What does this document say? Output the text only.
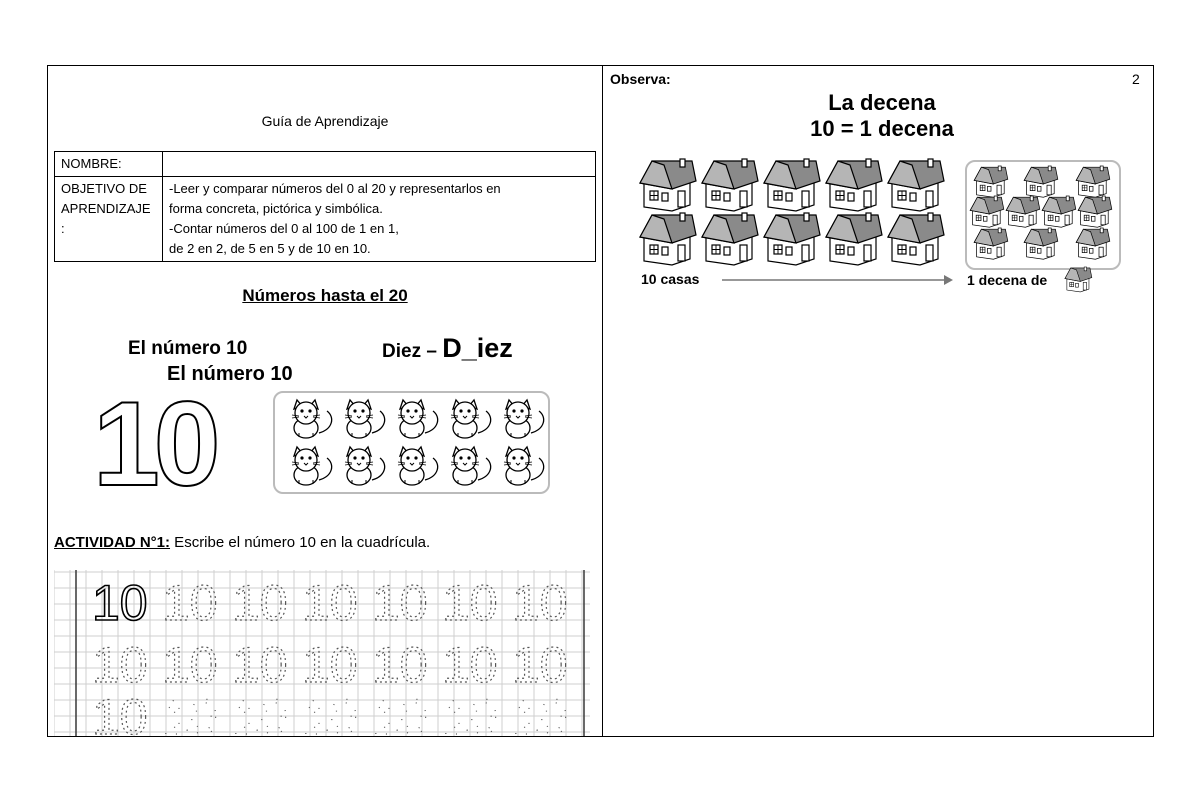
Guía de Aprendizaje
NOMBRE:	
OBJETIVO DE
APRENDIZAJE
:	-Leer y comparar números del 0 al 20 y representarlos en
forma concreta, pictórica y simbólica.
-Contar números del 0 al 100 de 1 en 1,
de 2 en 2, de 5 en 5 y de 10 en 10.
Números hasta el 20
El número 10
El número 10
Diez – D_iez
10
ACTIVIDAD N°1: Escribe el número 10 en la cuadrícula.
10 10 10 10 10 10 10
10 10 10 10 10 10 10
10 10 10 10 10 10 10
Observa:	2
La decena
10 = 1 decena
10 casas	1 decena de
